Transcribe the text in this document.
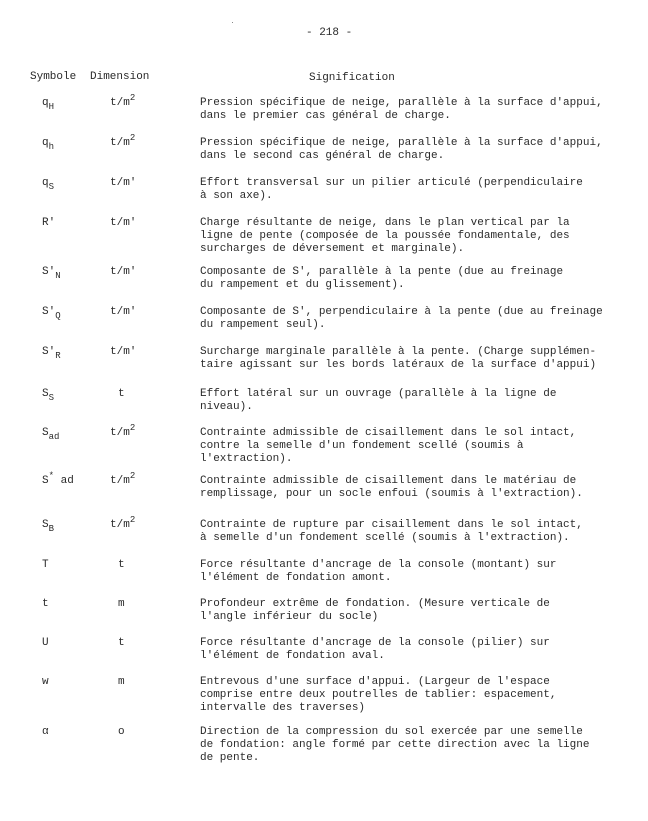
- 218 -
Symbole Dimension	Signification
$q_H$	$t/m^2$	Pression spécifique de neige, parallèle à la surface d'appui,
dans le premier cas général de charge.
$q_h$	$t/m^2$	Pression spécifique de neige, parallèle à la surface d'appui,
dans le second cas général de charge.
$q_S$	t/m'	Effort transversal sur un pilier articulé (perpendiculaire
à son axe).
R'	t/m'	Charge résultante de neige, dans le plan vertical par la
ligne de pente (composée de la poussée fondamentale, des
surcharges de déversement et marginale).
$S'_N$	t/m'	Composante de S', parallèle à la pente (due au freinage
du rampement et du glissement).
$S'_Q$	t/m'	Composante de S', perpendiculaire à la pente (due au freinage
du rampement seul).
$S'_R$	t/m'	Surcharge marginale parallèle à la pente. (Charge supplémen-
taire agissant sur les bords latéraux de la surface d'appui)
$S_S$	t	Effort latéral sur un ouvrage (parallèle à la ligne de
niveau).
$S_{ad}$	$t/m^2$	Contrainte admissible de cisaillement dans le sol intact,
contre la semelle d'un fondement scellé (soumis à
l'extraction).
S* ad	$t/m^2$	Contrainte admissible de cisaillement dans le matériau de
remplissage, pour un socle enfoui (soumis à l'extraction).
$S_B$	$t/m^2$	Contrainte de rupture par cisaillement dans le sol intact,
à semelle d'un fondement scellé (soumis à l'extraction).
T	t	Force résultante d'ancrage de la console (montant) sur
l'élément de fondation amont.
t	m	Profondeur extrême de fondation. (Mesure verticale de
l'angle inférieur du socle)
U	t	Force résultante d'ancrage de la console (pilier) sur
l'élément de fondation aval.
w	m	Entrevous d'une surface d'appui. (Largeur de l'espace
comprise entre deux poutrelles de tablier: espacement,
intervalle des traverses)
α	o	Direction de la compression du sol exercée par une semelle
de fondation: angle formé par cette direction avec la ligne
de pente.
